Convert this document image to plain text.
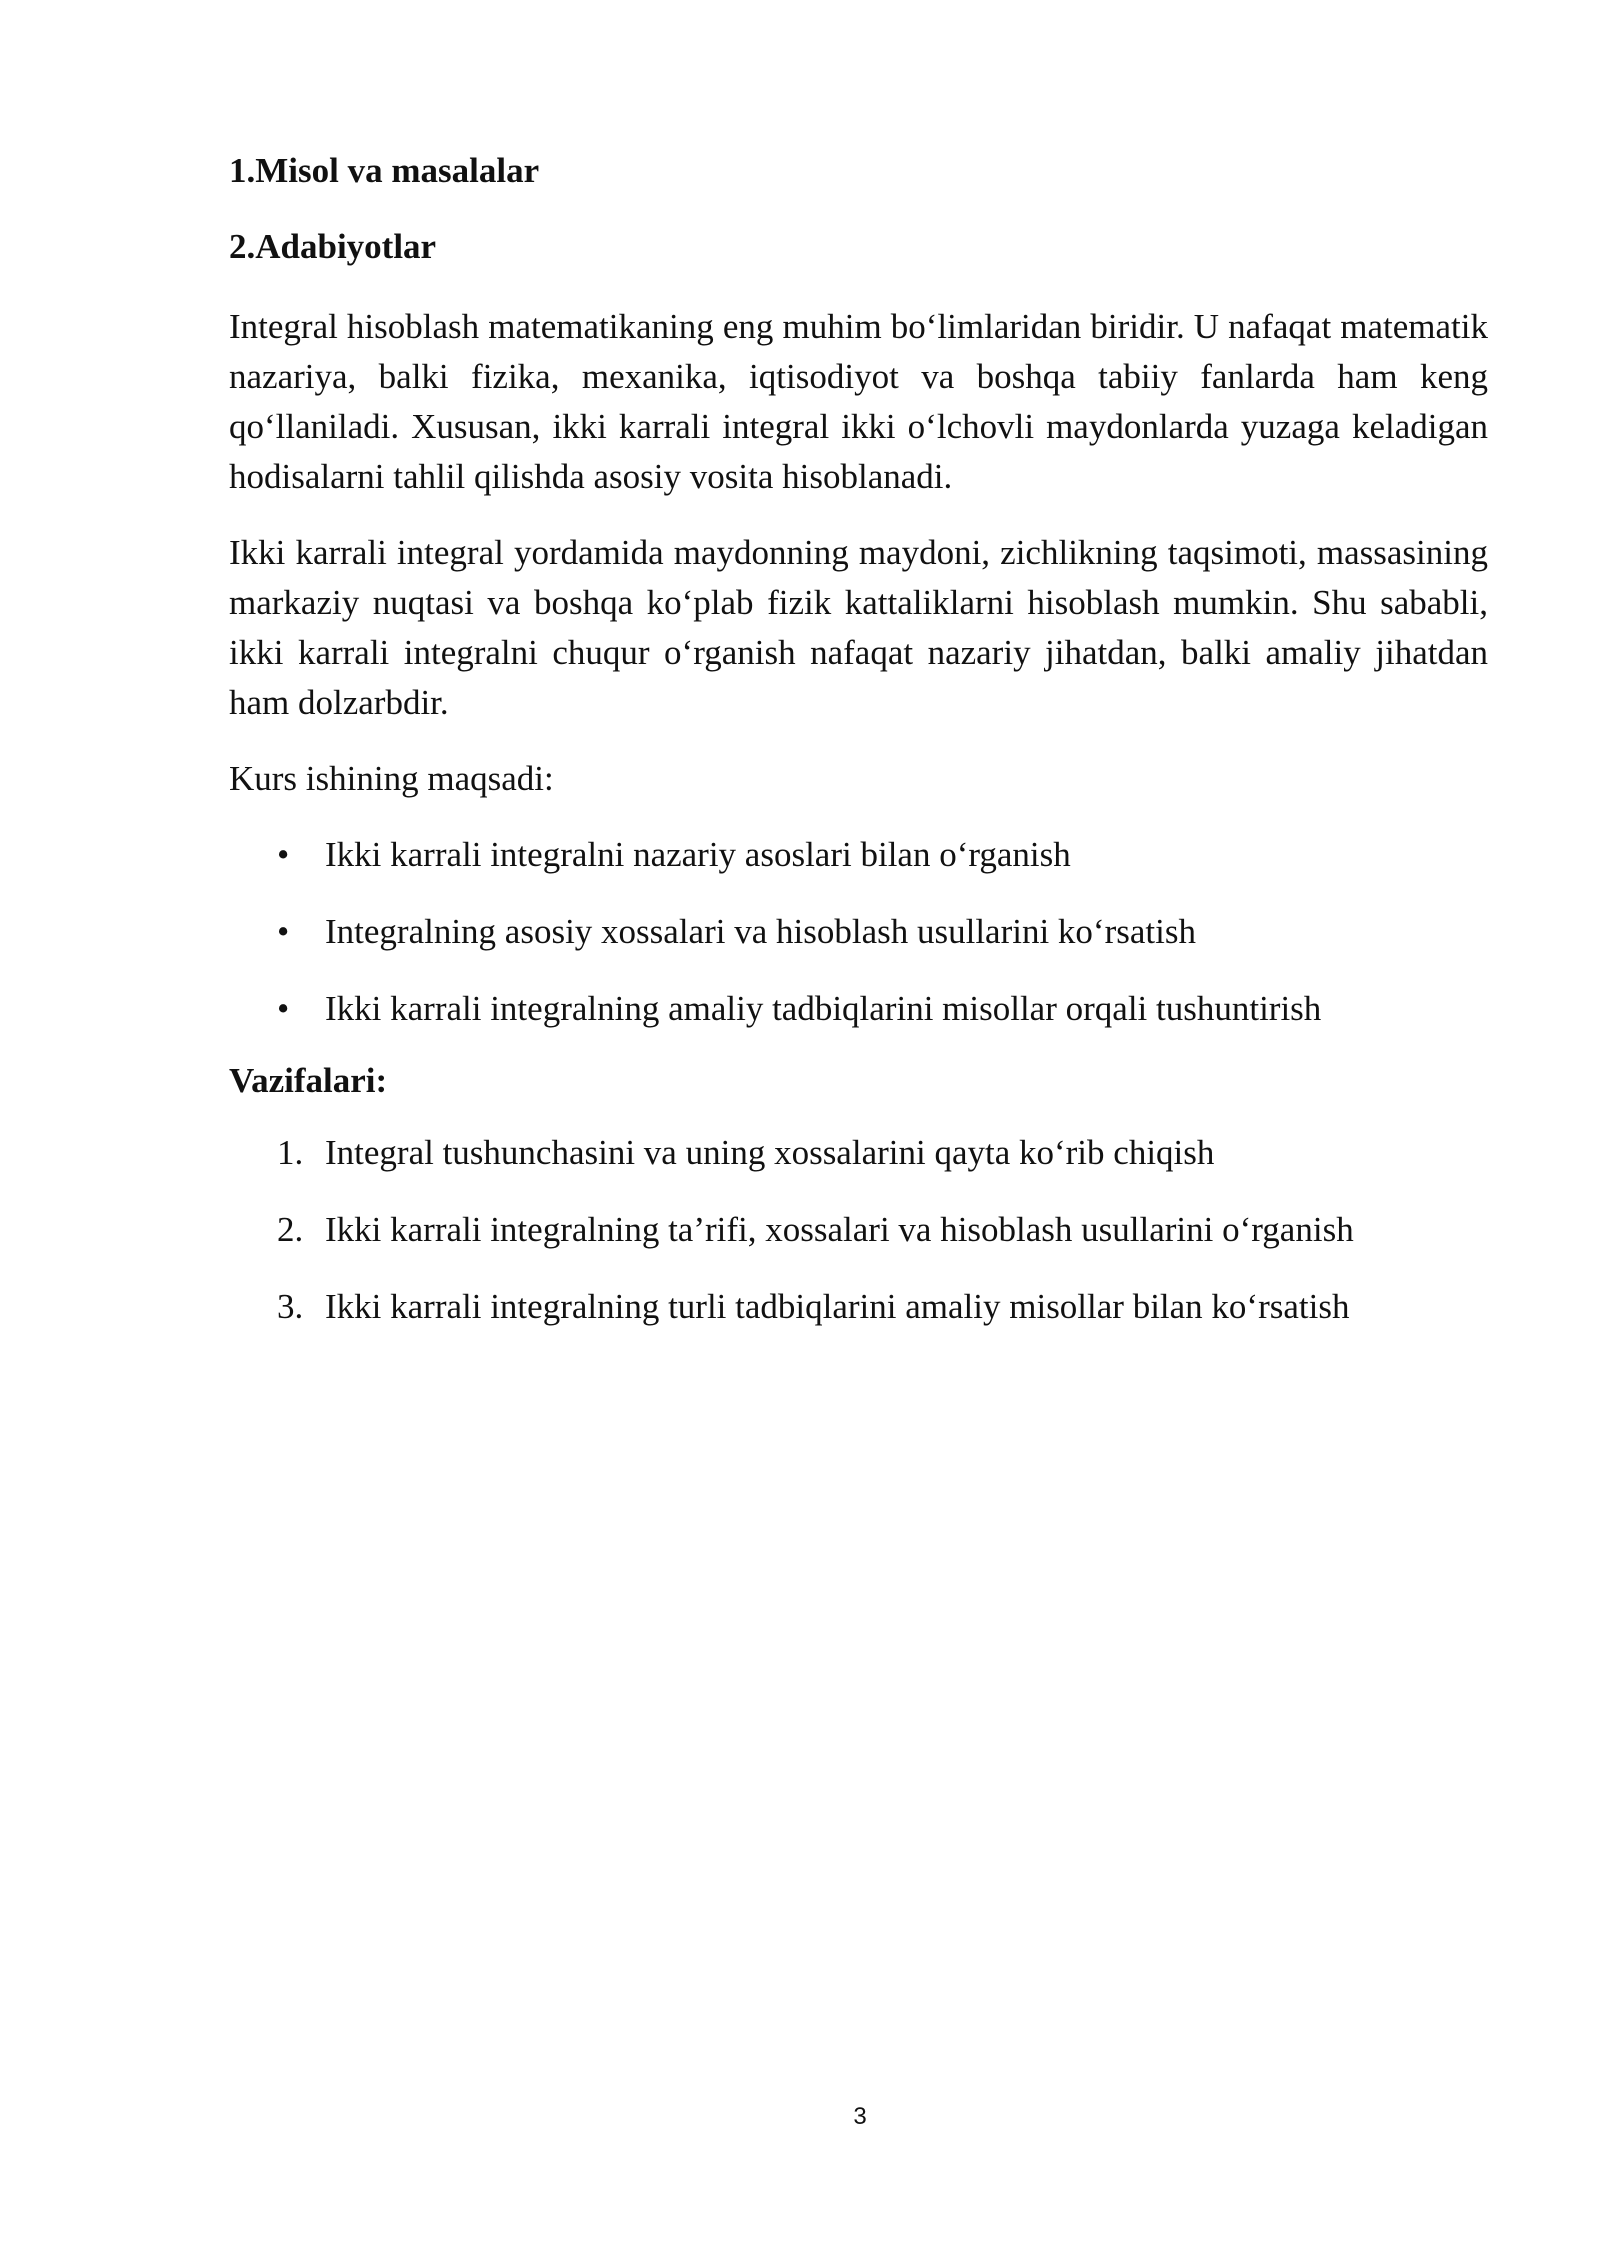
1.Misol va masalalar
2.Adabiyotlar

Integral hisoblash matematikaning eng muhim bo‘limlaridan biridir. U nafaqat matematik nazariya, balki fizika, mexanika, iqtisodiyot va boshqa tabiiy fanlarda ham keng qo‘llaniladi. Xususan, ikki karrali integral ikki o‘lchovli maydonlarda yuzaga keladigan hodisalarni tahlil qilishda asosiy vosita hisoblanadi.

Ikki karrali integral yordamida maydonning maydoni, zichlikning taqsimoti, massasining markaziy nuqtasi va boshqa ko‘plab fizik kattaliklarni hisoblash mumkin. Shu sababli, ikki karrali integralni chuqur o‘rganish nafaqat nazariy jihatdan, balki amaliy jihatdan ham dolzarbdir.

Kurs ishining maqsadi:

•	Ikki karrali integralni nazariy asoslari bilan o‘rganish
•	Integralning asosiy xossalari va hisoblash usullarini ko‘rsatish
•	Ikki karrali integralning amaliy tadbiqlarini misollar orqali tushuntirish
Vazifalari:
1. Integral tushunchasini va uning xossalarini qayta ko‘rib chiqish
2. Ikki karrali integralning ta’rifi, xossalari va hisoblash usullarini o‘rganish
3. Ikki karrali integralning turli tadbiqlarini amaliy misollar bilan ko‘rsatish
3
